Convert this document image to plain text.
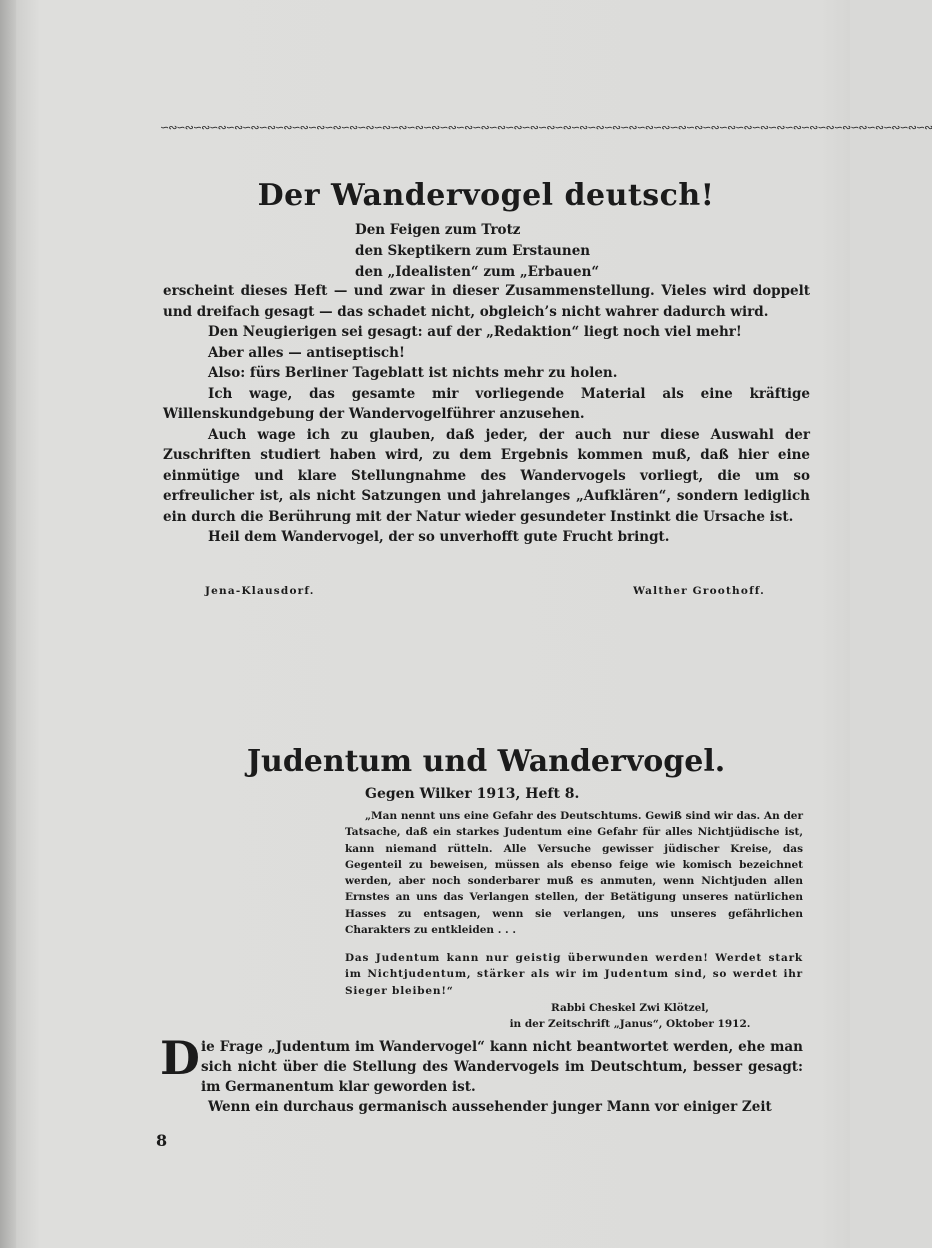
∽∾∽∾∽∾∽∾∽∾∽∾∽∾∽∾∽∾∽∾∽∾∽∾∽∾∽∾∽∾∽∾∽∾∽∾∽∾∽∾∽∾∽∾∽∾∽∾∽∾∽∾∽∾∽∾∽∾∽∾∽∾∽∾∽∾∽∾∽∾∽∾∽∾∽∾∽∾∽∾∽∾∽∾∽∾∽∾∽∾∽∾∽∾
Der Wandervogel deutsch!
Den Feigen zum Trotz
den Skeptikern zum Erstaunen
den „Idealisten“ zum „Erbauen“

erscheint dieses Heft — und zwar in dieser Zusammenstellung. Vieles wird doppelt und dreifach gesagt — das schadet nicht, obgleich’s nicht wahrer dadurch wird.

Den Neugierigen sei gesagt: auf der „Redaktion“ liegt noch viel mehr!

Aber alles — antiseptisch!

Also: fürs Berliner Tageblatt ist nichts mehr zu holen.

Ich wage, das gesamte mir vorliegende Material als eine kräftige Willenskundgebung der Wandervogelführer anzusehen.

Auch wage ich zu glauben, daß jeder, der auch nur diese Auswahl der Zuschriften studiert haben wird, zu dem Ergebnis kommen muß, daß hier eine einmütige und klare Stellungnahme des Wandervogels vorliegt, die um so erfreulicher ist, als nicht Satzungen und jahrelanges „Aufklären“, sondern lediglich ein durch die Berührung mit der Natur wieder gesundeter Instinkt die Ursache ist.

Heil dem Wandervogel, der so unverhofft gute Frucht bringt.

Jena-Klausdorf.	Walther Groothoff.
Judentum und Wandervogel.
Gegen Wilker 1913, Heft 8.

„Man nennt uns eine Gefahr des Deutschtums. Gewiß sind wir das. An der Tatsache, daß ein starkes Judentum eine Gefahr für alles Nichtjüdische ist, kann niemand rütteln. Alle Versuche gewisser jüdischer Kreise, das Gegenteil zu beweisen, müssen als ebenso feige wie komisch bezeichnet werden, aber noch sonderbarer muß es anmuten, wenn Nichtjuden allen Ernstes an uns das Verlangen stellen, der Betätigung unseres natürlichen Hasses zu entsagen, wenn sie verlangen, uns unseres gefährlichen Charakters zu entkleiden . . .

Das Judentum kann nur geistig überwunden werden! Werdet stark im Nichtjudentum, stärker als wir im Judentum sind, so werdet ihr Sieger bleiben!“

Rabbi Cheskel Zwi Klötzel,
in der Zeitschrift „Janus“, Oktober 1912.
D ie Frage „Judentum im Wandervogel“ kann nicht beantwortet werden, ehe man sich nicht über die Stellung des Wandervogels im Deutschtum, besser gesagt: im Germanentum klar geworden ist.

Wenn ein durchaus germanisch aussehender junger Mann vor einiger Zeit

8
